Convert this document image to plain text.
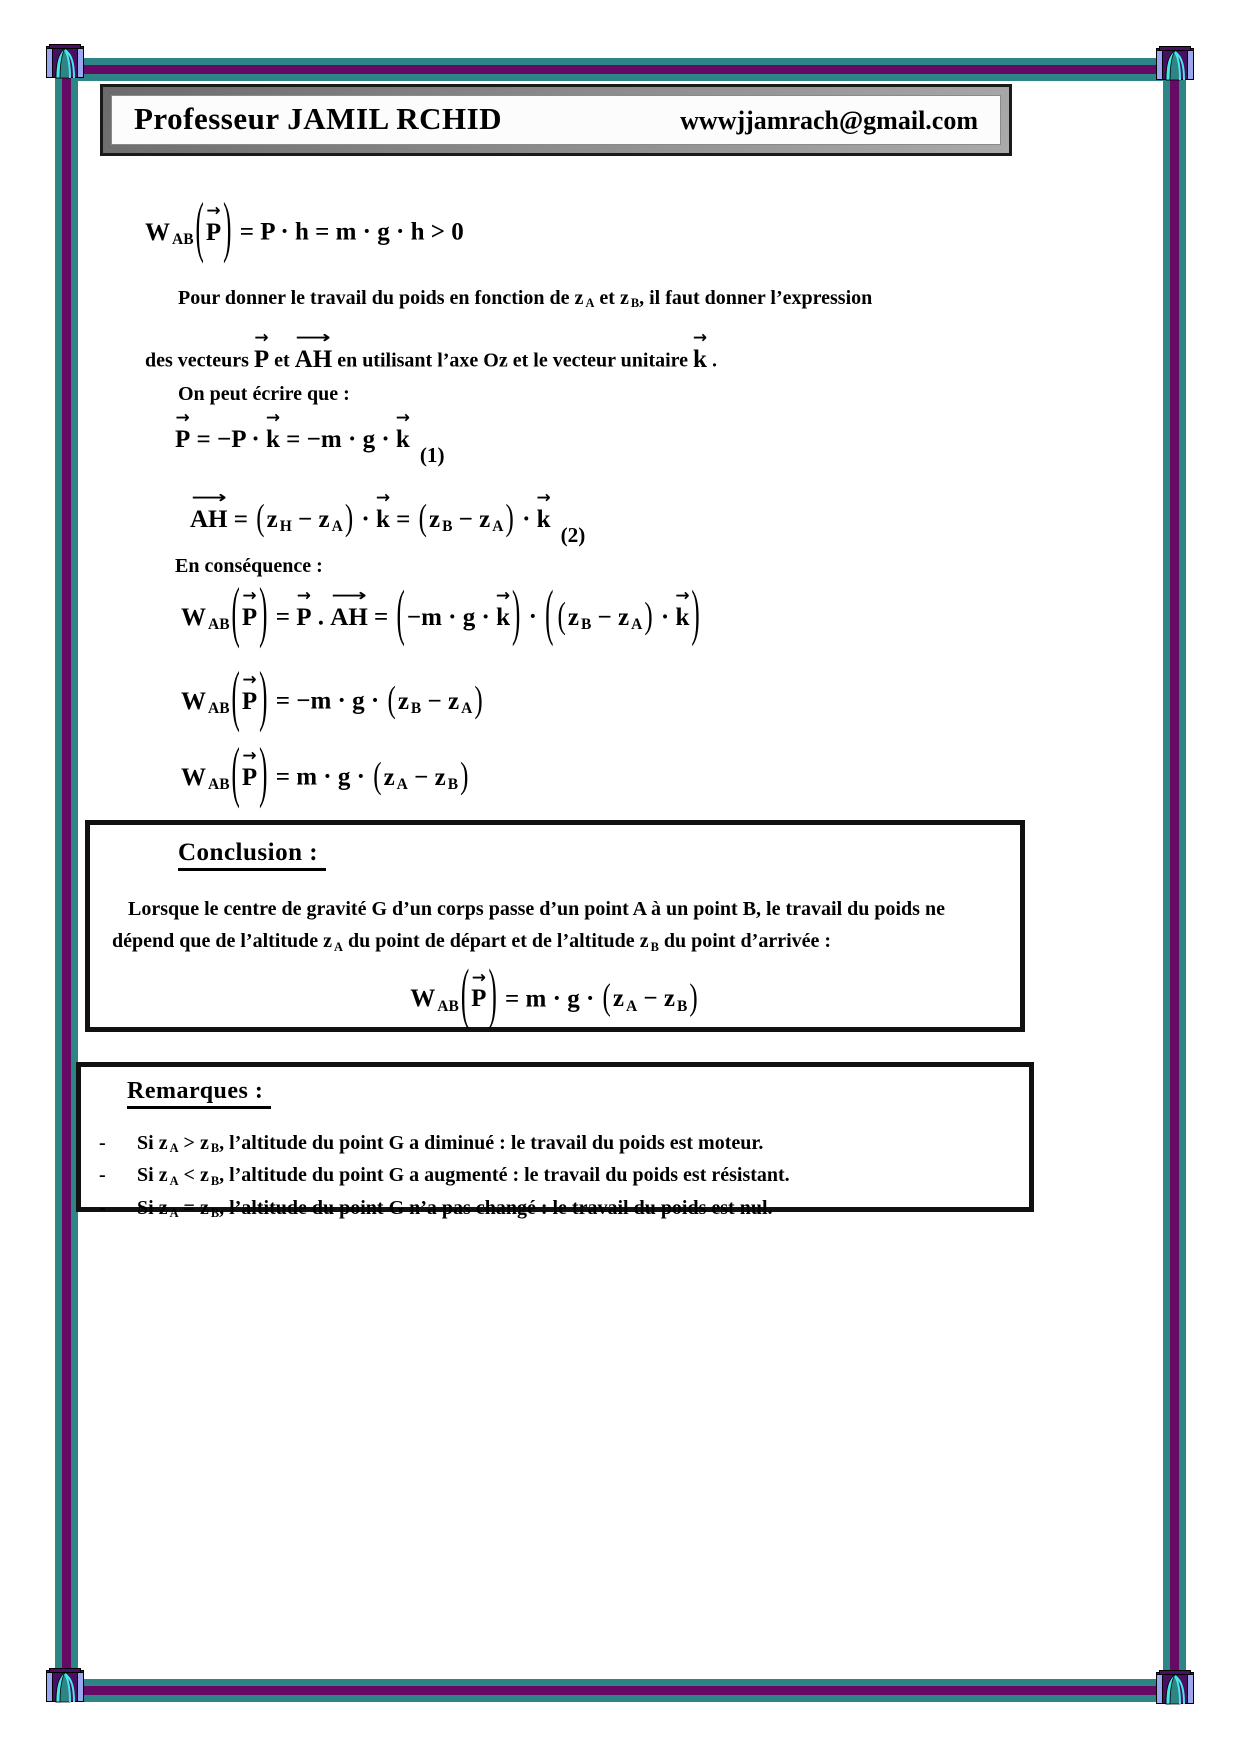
Professeur JAMIL RCHID	wwwjjamrach@gmail.com
WAB( →
P) = P · h = m · g · h > 0

Pour donner le travail du poids en fonction de z A et z B, il faut donner l’expression

des vecteurs
→
P et
⟶
AH en utilisant l’axe Oz et le vecteur unitaire
→
k .

On peut écrire que :

→
P = −P ·
→
k = −m · g ·
→
$k_{(1)}$
⟶
AH = (z H − z A) ·
→
k = (z B − z A) ·
→
$k_{(2)}$

En conséquence :

WAB( →
P) =
→
P .
⟶
AH = (−m · g ·
→
k) · ( (z B − z A) ·
→
k)
WAB( →
P) = −m · g · (z B − z A)
WAB( →
P) = m · g · (z A − z B)
Conclusion :
Lorsque le centre de gravité G d’un corps passe d’un point A à un point B, le travail du poids ne dépend que de l’altitude z A du point de départ et de l’altitude z B du point d’arrivée :
WAB( →
P) = m · g · (z A − z B)
Remarques :
-	Si z A > z B, l’altitude du point G a diminué : le travail du poids est moteur.
-	Si z A < z B, l’altitude du point G a augmenté : le travail du poids est résistant.
-	Si z A = z B, l’altitude du point G n’a pas changé : le travail du poids est nul.
